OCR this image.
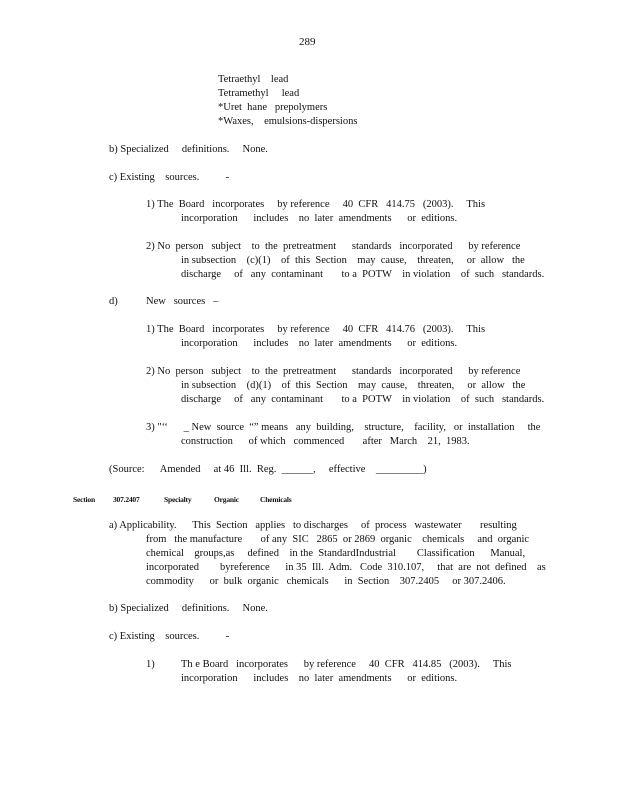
289
Tetraethyl    lead
Tetramethyl     lead
*Uret  hane   prepolymers
*Waxes,    emulsions-dispersions
b) Specialized     definitions.     None.
c) Existing    sources.          -
1) The  Board   incorporates     by reference     40  CFR   414.75   (2003).     This
incorporation      includes    no  later  amendments      or  editions.
2) No  person   subject    to  the  pretreatment      standards   incorporated      by reference
in subsection    (c)(1)    of  this  Section    may  cause,    threaten,     or  allow   the
discharge     of   any  contaminant       to a  POTW    in violation    of  such   standards.
d)	New   sources   –
1) The  Board   incorporates     by reference     40  CFR   414.76   (2003).     This
incorporation      includes    no  later  amendments      or  editions.
2) No  person   subject    to  the  pretreatment      standards   incorporated      by reference
in subsection    (d)(1)    of  this  Section    may  cause,    threaten,     or  allow   the
discharge     of   any  contaminant       to a  POTW    in violation    of  such   standards.
3) "‘‘      _ New  source  “” means   any  building,    structure,    facility,   or  installation     the
construction      of which   commenced       after   March    21,  1983.
(Source:      Amended     at 46  Ill.  Reg.  ______,     effective    _________)
Section 307.2407	Specialty	Organic	Chemicals
a) Applicability.      This  Section   applies   to discharges     of  process   wastewater       resulting
from   the manufacture       of any  SIC   2865  or 2869  organic    chemicals     and  organic
chemical    groups,as     defined    in the  StandardIndustrial        Classification      Manual,
incorporated        byreference      in 35  Ill.  Adm.   Code  310.107,     that  are  not  defined    as
commodity      or  bulk  organic   chemicals      in  Section    307.2405     or 307.2406.
b) Specialized     definitions.     None.
c) Existing    sources.          -
1)	Th e Board   incorporates      by reference     40  CFR   414.85   (2003).     This
incorporation      includes    no  later  amendments      or  editions.
